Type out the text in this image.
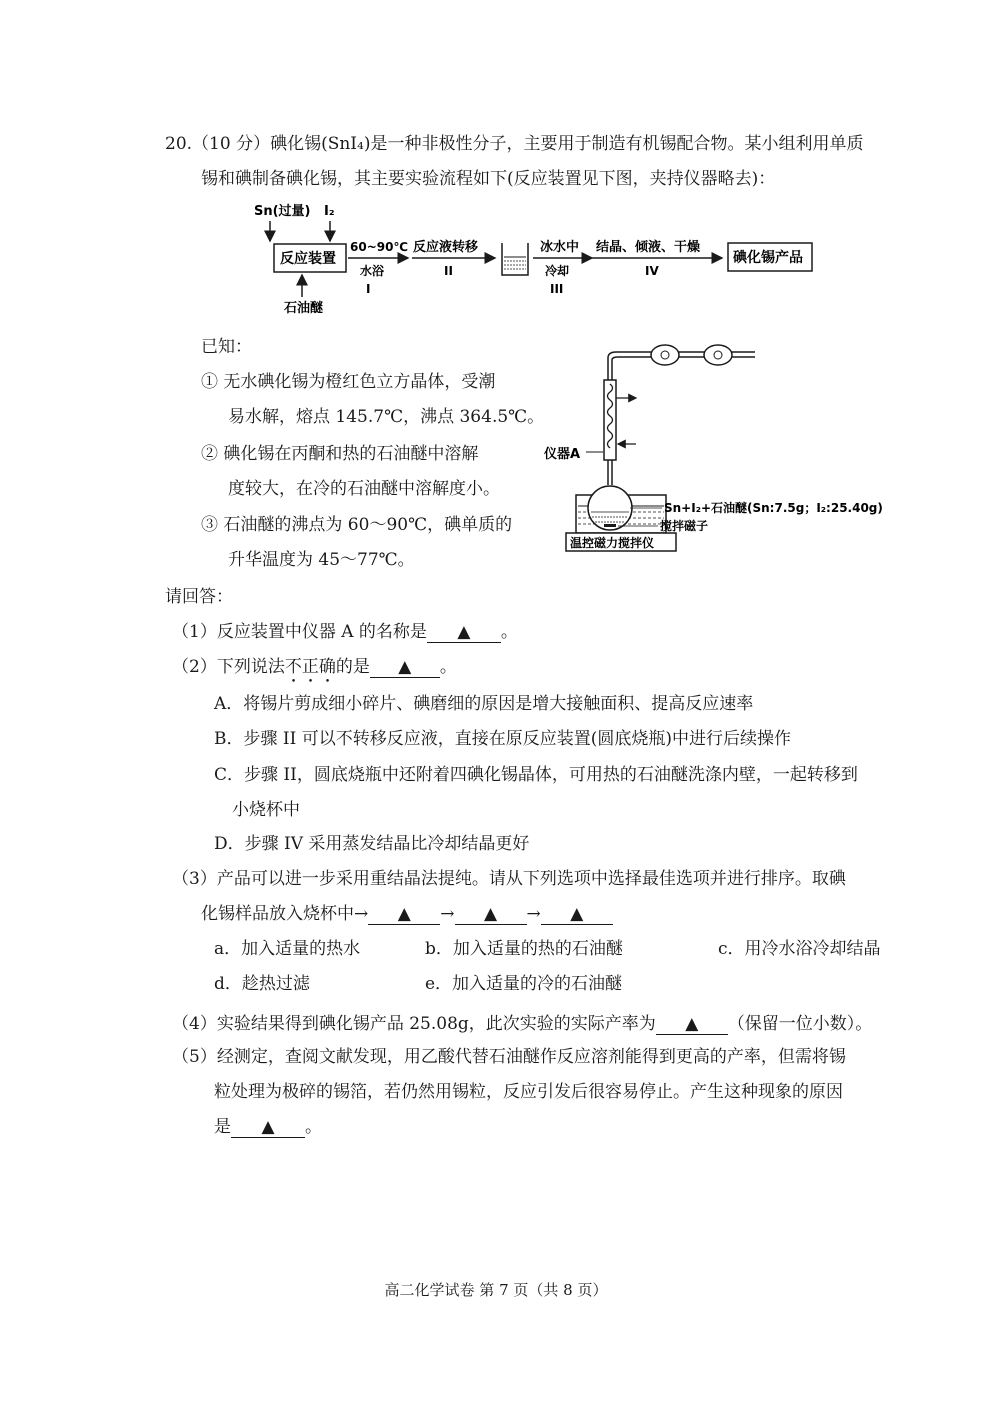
20.（10 分）碘化锡(SnI₄)是一种非极性分子，主要用于制造有机锡配合物。某小组利用单质
锡和碘制备碘化锡，其主要实验流程如下(反应装置见下图，夹持仪器略去)：
Sn(过量) I₂
反应装置
石油醚
60~90℃
水浴
I
反应液转移
II
冰水中
冷却
III
结晶、倾液、干燥
IV
碘化锡产品
已知：
① 无水碘化锡为橙红色立方晶体，受潮
易水解，熔点 145.7℃，沸点 364.5℃。
② 碘化锡在丙酮和热的石油醚中溶解
度较大，在冷的石油醚中溶解度小。
③ 石油醚的沸点为 60～90℃，碘单质的
升华温度为 45～77℃。
仪器A
温控磁力搅拌仪
Sn+I₂+石油醚(Sn:7.5g；I₂:25.40g)
搅拌磁子
请回答：
（1）反应装置中仪器 A 的名称是 ▲ 。
（2）下列说法不正确的是 ▲ 。
A．将锡片剪成细小碎片、碘磨细的原因是增大接触面积、提高反应速率
B．步骤 II 可以不转移反应液，直接在原反应装置(圆底烧瓶)中进行后续操作
C．步骤 II，圆底烧瓶中还附着四碘化锡晶体，可用热的石油醚洗涤内壁，一起转移到
小烧杯中
D．步骤 IV 采用蒸发结晶比冷却结晶更好
（3）产品可以进一步采用重结晶法提纯。请从下列选项中选择最佳选项并进行排序。取碘
化锡样品放入烧杯中→ ▲ → ▲ → ▲
a．加入适量的热水	b．加入适量的热的石油醚	c．用冷水浴冷却结晶
d．趁热过滤	e．加入适量的冷的石油醚
（4）实验结果得到碘化锡产品 25.08g，此次实验的实际产率为 ▲ （保留一位小数）。
（5）经测定，查阅文献发现，用乙酸代替石油醚作反应溶剂能得到更高的产率，但需将锡
粒处理为极碎的锡箔，若仍然用锡粒，反应引发后很容易停止。产生这种现象的原因
是 ▲ 。
高二化学试卷 第 7 页（共 8 页）
